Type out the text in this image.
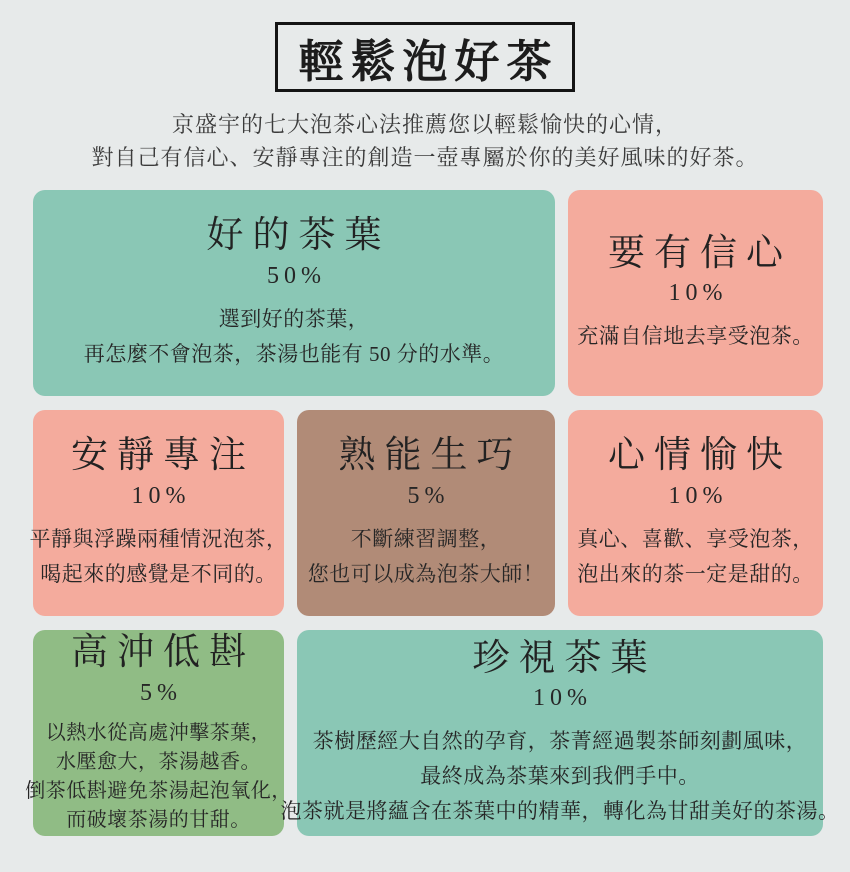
輕鬆泡好茶
京盛宇的七大泡茶心法推薦您以輕鬆愉快的心情，
對自己有信心、安靜專注的創造一壺專屬於你的美好風味的好茶。
好的茶葉
50%
選到好的茶葉，
再怎麼不會泡茶，茶湯也能有 50 分的水準。
要有信心
10%
充滿自信地去享受泡茶。
安靜專注
10%
平靜與浮躁兩種情況泡茶，
喝起來的感覺是不同的。
熟能生巧
5%
不斷練習調整，
您也可以成為泡茶大師！
心情愉快
10%
真心、喜歡、享受泡茶，
泡出來的茶一定是甜的。
高沖低斟
5%
以熱水從高處沖擊茶葉，
水壓愈大，茶湯越香。
倒茶低斟避免茶湯起泡氧化，
而破壞茶湯的甘甜。
珍視茶葉
10%
茶樹歷經大自然的孕育，茶菁經過製茶師刻劃風味，
最終成為茶葉來到我們手中。
泡茶就是將蘊含在茶葉中的精華，轉化為甘甜美好的茶湯。
